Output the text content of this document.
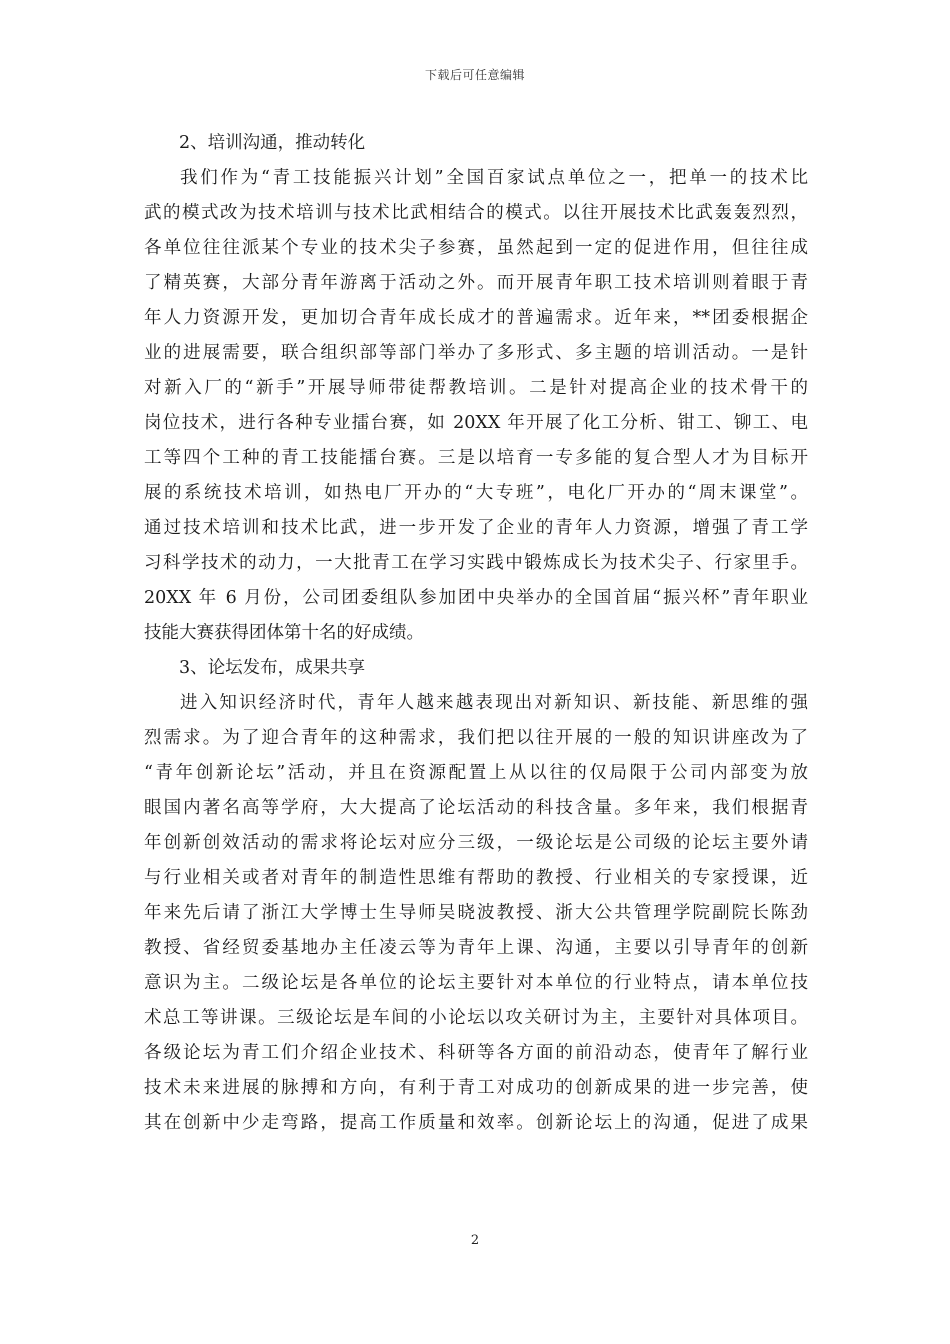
下载后可任意编辑
2、培训沟通，推动转化
我们作为“青工技能振兴计划”全国百家试点单位之一，把单一的技术比
武的模式改为技术培训与技术比武相结合的模式。以往开展技术比武轰轰烈烈，
各单位往往派某个专业的技术尖子参赛，虽然起到一定的促进作用，但往往成
了精英赛，大部分青年游离于活动之外。而开展青年职工技术培训则着眼于青
年人力资源开发，更加切合青年成长成才的普遍需求。近年来，**团委根据企
业的进展需要，联合组织部等部门举办了多形式、多主题的培训活动。一是针
对新入厂的“新手”开展导师带徒帮教培训。二是针对提高企业的技术骨干的
岗位技术，进行各种专业擂台赛，如 20XX 年开展了化工分析、钳工、铆工、电
工等四个工种的青工技能擂台赛。三是以培育一专多能的复合型人才为目标开
展的系统技术培训，如热电厂开办的“大专班”，电化厂开办的“周末课堂”。
通过技术培训和技术比武，进一步开发了企业的青年人力资源，增强了青工学
习科学技术的动力，一大批青工在学习实践中锻炼成长为技术尖子、行家里手。
20XX 年 6 月份，公司团委组队参加团中央举办的全国首届“振兴杯”青年职业
技能大赛获得团体第十名的好成绩。
3、论坛发布，成果共享
进入知识经济时代，青年人越来越表现出对新知识、新技能、新思维的强
烈需求。为了迎合青年的这种需求，我们把以往开展的一般的知识讲座改为了
“青年创新论坛”活动，并且在资源配置上从以往的仅局限于公司内部变为放
眼国内著名高等学府，大大提高了论坛活动的科技含量。多年来，我们根据青
年创新创效活动的需求将论坛对应分三级，一级论坛是公司级的论坛主要外请
与行业相关或者对青年的制造性思维有帮助的教授、行业相关的专家授课，近
年来先后请了浙江大学博士生导师吴晓波教授、浙大公共管理学院副院长陈劲
教授、省经贸委基地办主任凌云等为青年上课、沟通，主要以引导青年的创新
意识为主。二级论坛是各单位的论坛主要针对本单位的行业特点，请本单位技
术总工等讲课。三级论坛是车间的小论坛以攻关研讨为主，主要针对具体项目。
各级论坛为青工们介绍企业技术、科研等各方面的前沿动态，使青年了解行业
技术未来进展的脉搏和方向，有利于青工对成功的创新成果的进一步完善，使
其在创新中少走弯路，提高工作质量和效率。创新论坛上的沟通，促进了成果
2
